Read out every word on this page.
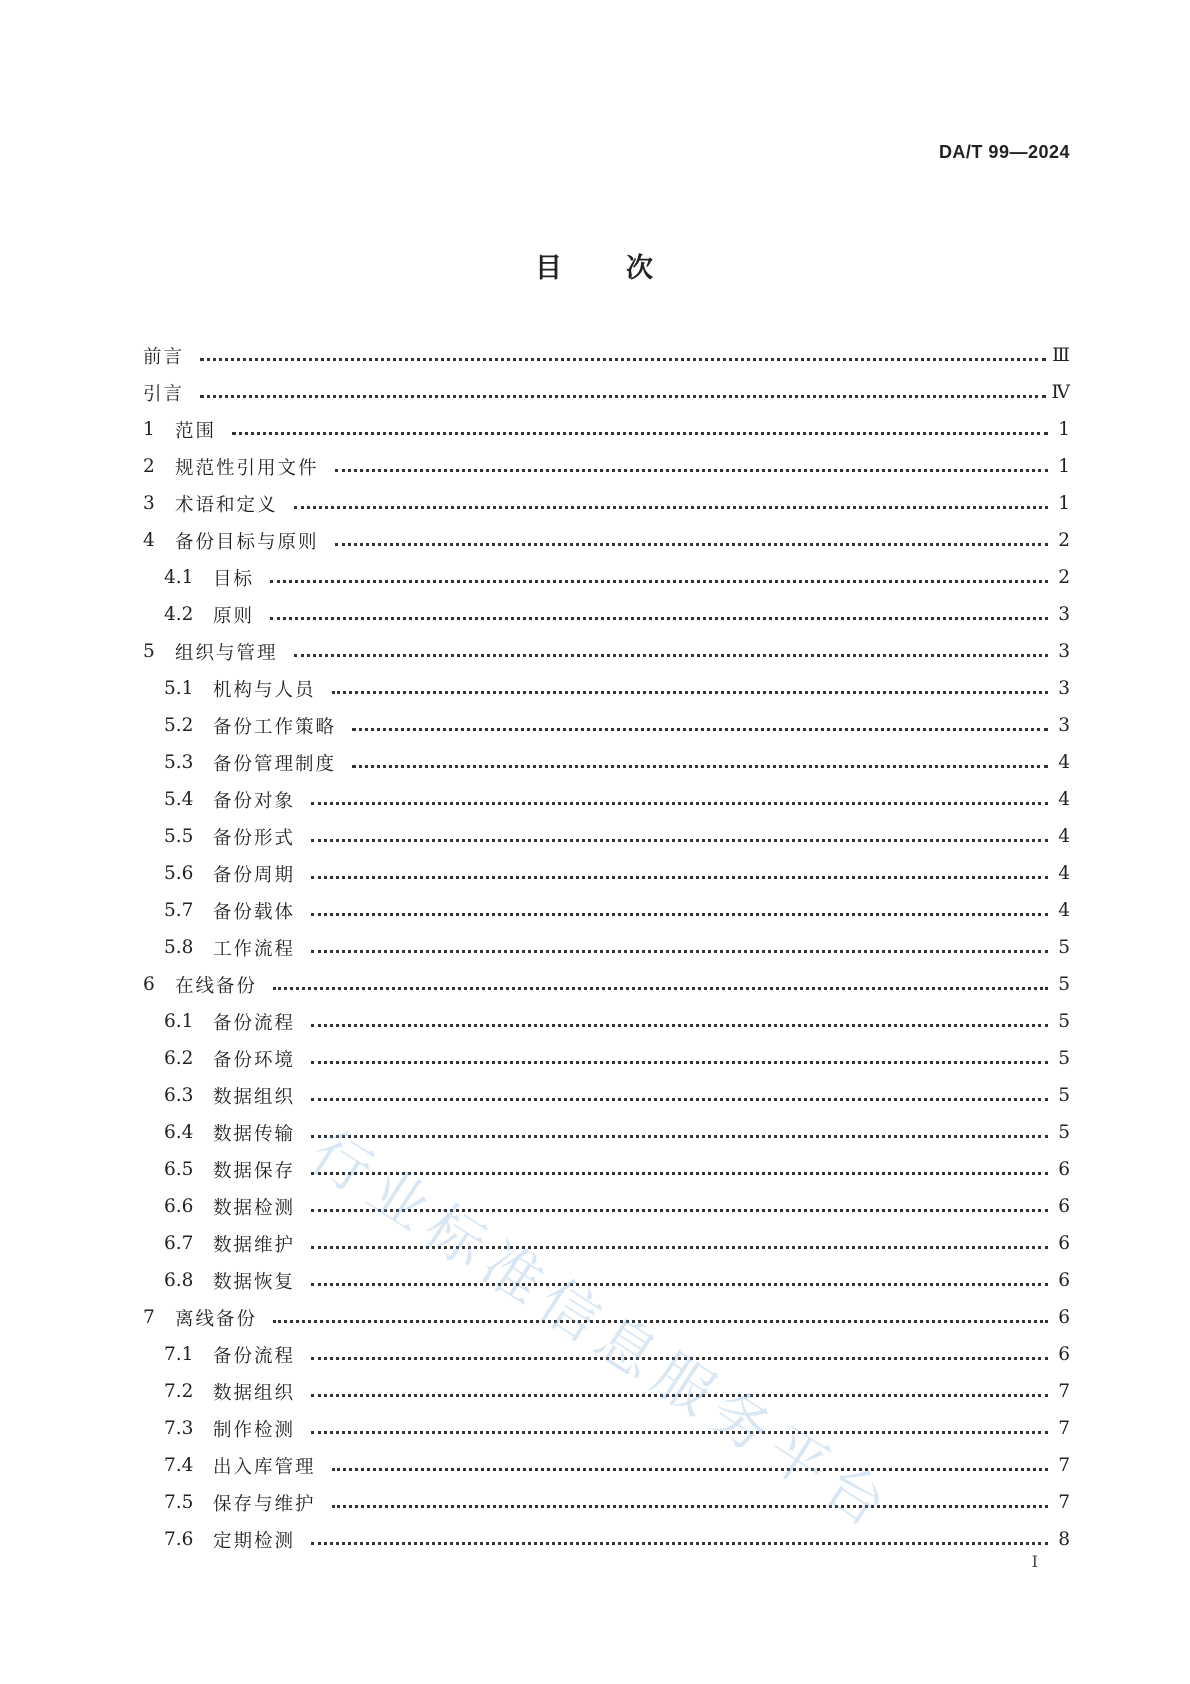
DA/T 99—2024
目 次
前言	Ⅲ
引言	Ⅳ
1	范围	1
2	规范性引用文件	1
3	术语和定义	1
4	备份目标与原则	2
4.1	目标	2
4.2	原则	3
5	组织与管理	3
5.1	机构与人员	3
5.2	备份工作策略	3
5.3	备份管理制度	4
5.4	备份对象	4
5.5	备份形式	4
5.6	备份周期	4
5.7	备份载体	4
5.8	工作流程	5
6	在线备份	5
6.1	备份流程	5
6.2	备份环境	5
6.3	数据组织	5
6.4	数据传输	5
6.5	数据保存	6
6.6	数据检测	6
6.7	数据维护	6
6.8	数据恢复	6
7	离线备份	6
7.1	备份流程	6
7.2	数据组织	7
7.3	制作检测	7
7.4	出入库管理	7
7.5	保存与维护	7
7.6	定期检测	8
I
行业标准信息服务平台
